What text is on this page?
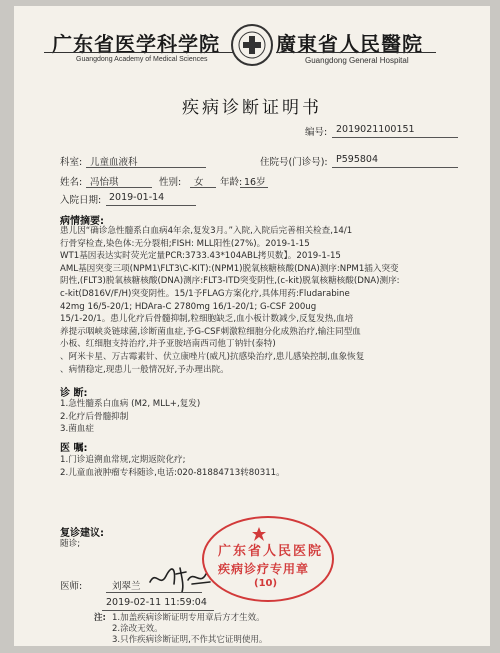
广东省医学科学院
Guangdong Academy of Medical Sciences
廣東省人民醫院
Guangdong General Hospital
疾病诊断证明书
编号: 2019021100151
科室: 儿童血液科	住院号(门诊号): P595804
姓名: 冯怡琪	性别: 女 年龄: 16岁
入院日期: 2019-01-14
病情摘要:
患儿因“确诊急性髓系白血病4年余,复发3月。”入院,入院后完善相关检查,14/1
行骨穿检查,染色体:无分裂相;FISH: MLL阳性(27%)。2019-1-15
WT1基因表达实时荧光定量PCR:3733.43*104ABL拷贝数】。2019-1-15
AML基因突变三项(NPM1\FLT3\C-KIT):(NPM1)脱氧核糖核酸(DNA)测序:NPM1插入突变
阴性,(FLT3)脱氧核糖核酸(DNA)测序:FLT3-ITD突变阴性,(c-kit)脱氧核糖核酸(DNA)测序:
c-kit(D816V/F/H)突变阴性。15/1予FLAG方案化疗,具体用药:Fludarabine
42mg 16/5-20/1; HDAra-C 2780mg 16/1-20/1; G-CSF 200ug
15/1-20/1。患儿化疗后骨髓抑制,粒细胞缺乏,血小板计数减少,反复发热,血培
养提示咽峡炎链球菌,诊断菌血症,予G-CSF刺激粒细胞分化成熟治疗,输注同型血
小板、红细胞支持治疗,并予亚胺培南西司他丁钠针(泰特)
、阿米卡星、万古霉素针、伏立康唑片(威凡)抗感染治疗,患儿感染控制,血象恢复
、病情稳定,现患儿一般情况好,予办理出院。
诊 断:
1.急性髓系白血病 (M2, MLL+,复发)
2.化疗后骨髓抑制
3.菌血症
医 嘱:
1.门诊追溯血常规,定期返院化疗;
2.儿童血液肿瘤专科随诊,电话:020-81884713转80311。
复诊建议:
随诊;
医师:	刘翠兰
2019-02-11 11:59:04
注: 1.加盖疾病诊断证明专用章后方才生效。
2.涂改无效。
3.只作疾病诊断证明,不作其它证明使用。
广东省人民医院
疾病诊疗专用章
(10)
